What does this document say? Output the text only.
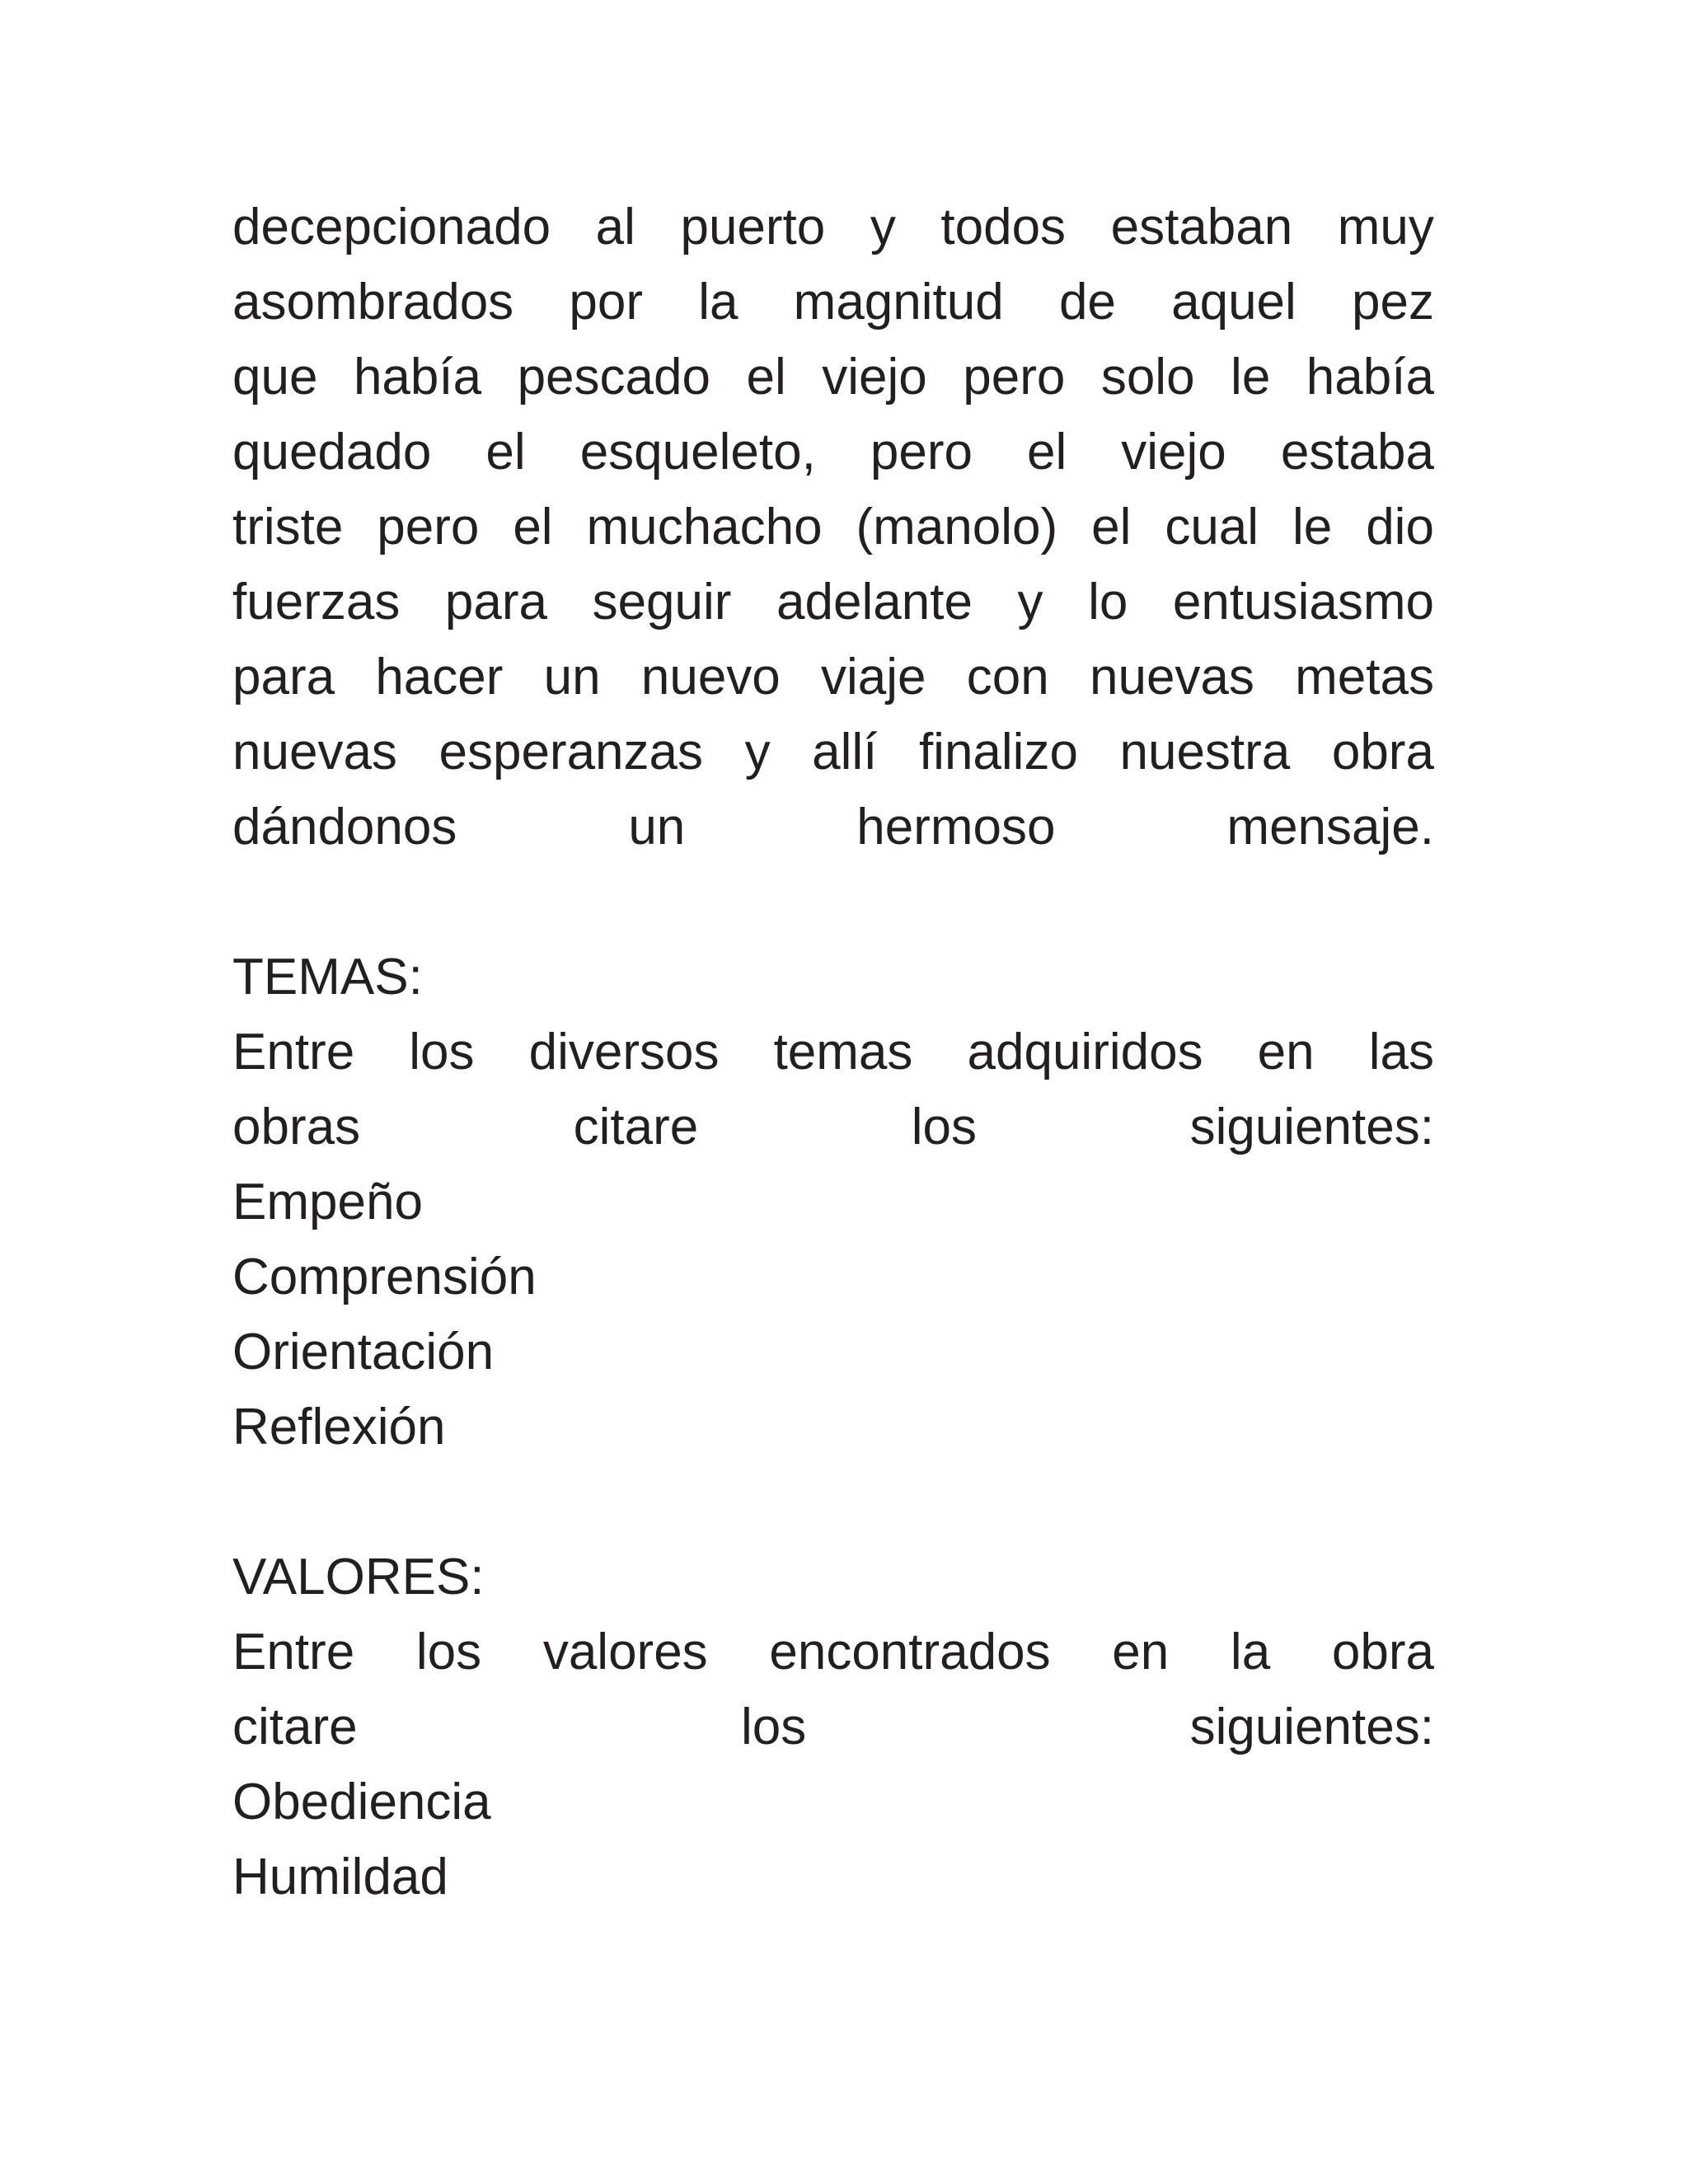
decepcionado al puerto y todos estaban muy
asombrados por la magnitud de aquel pez
que había pescado el viejo pero solo le había
quedado el esqueleto, pero el viejo estaba
triste pero el muchacho (manolo) el cual le dio
fuerzas para seguir adelante y lo entusiasmo
para hacer un nuevo viaje con nuevas metas
nuevas esperanzas y allí finalizo nuestra obra
dándonos	un	hermoso	mensaje.
TEMAS:
Entre los diversos temas adquiridos en las
obras	citare	los	siguientes:
Empeño
Comprensión
Orientación
Reflexión
VALORES:
Entre los valores encontrados en la obra
citare	los	siguientes:
Obediencia
Humildad
